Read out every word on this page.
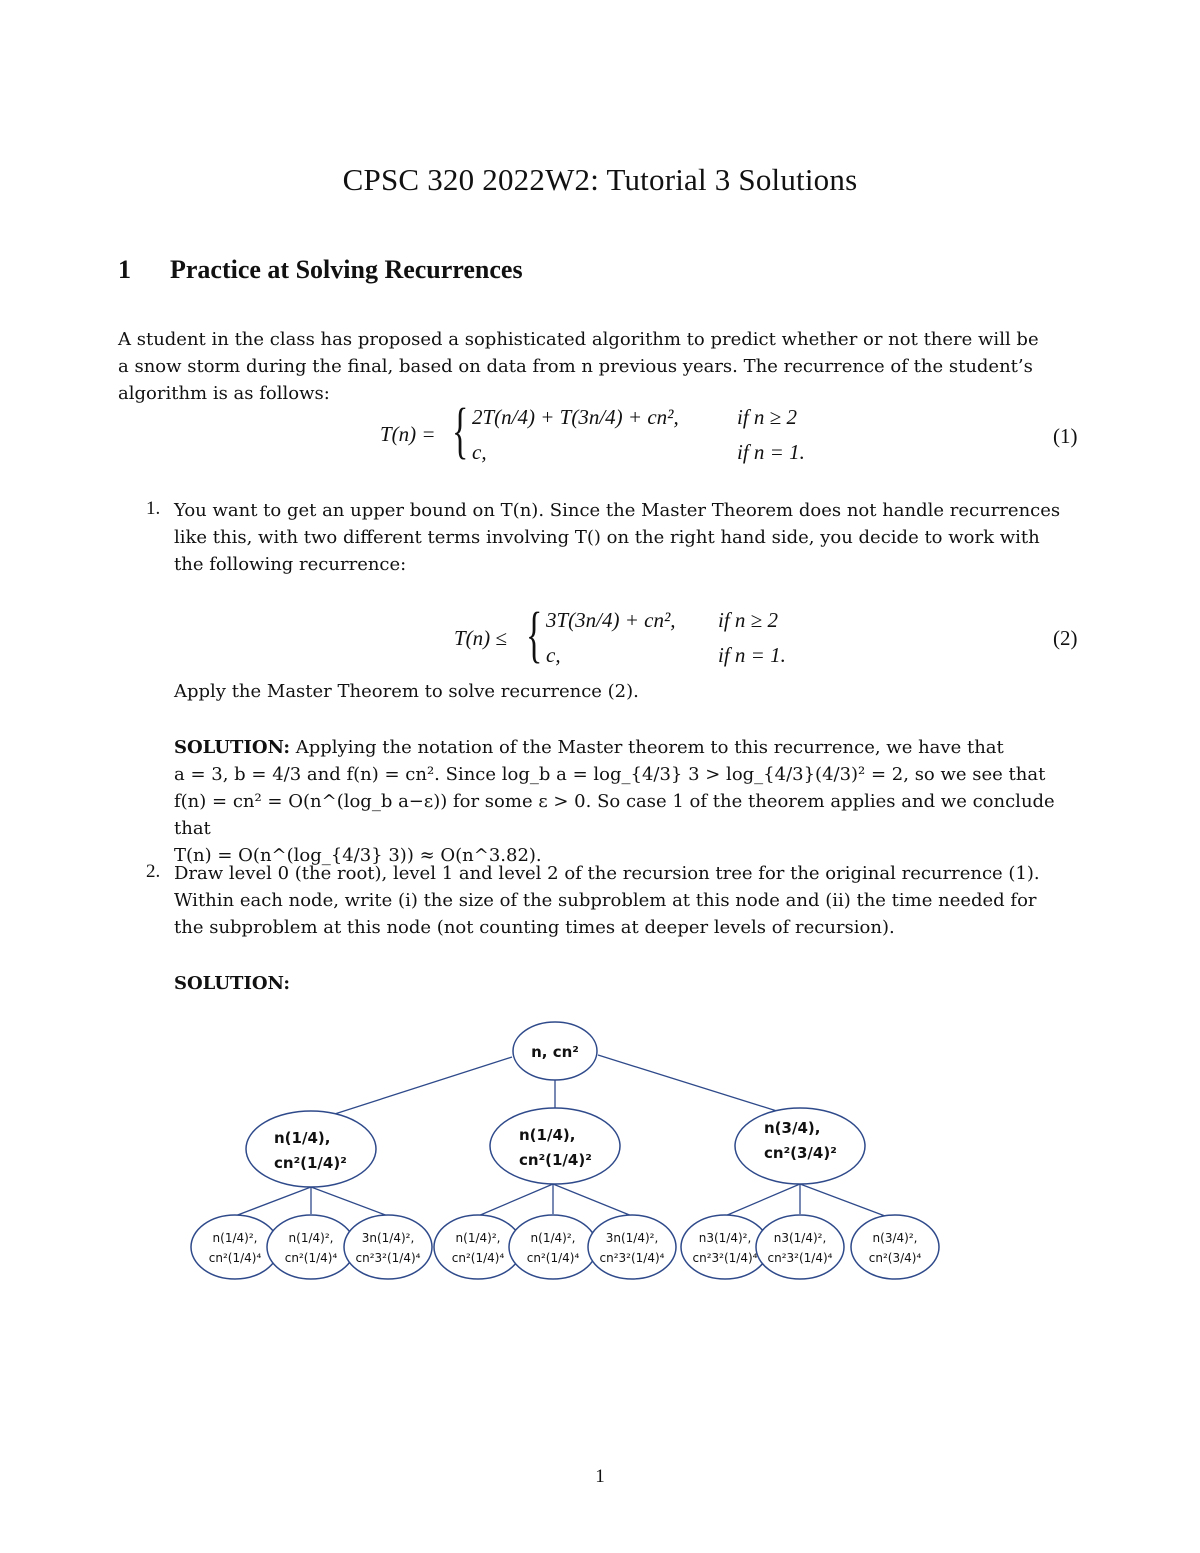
CPSC 320 2022W2: Tutorial 3 Solutions
1 Practice at Solving Recurrences
A student in the class has proposed a sophisticated algorithm to predict whether or not there will be
a snow storm during the final, based on data from n previous years. The recurrence of the student’s
algorithm is as follows:
T(n) = { 2T(n/4) + T(3n/4) + cn²,	if n ≥ 2
c,	if n = 1.
(1)
1. You want to get an upper bound on T(n). Since the Master Theorem does not handle recurrences
like this, with two different terms involving T() on the right hand side, you decide to work with
the following recurrence:
T(n) ≤ { 3T(3n/4) + cn², if n ≥ 2
c,	if n = 1.
(2)
Apply the Master Theorem to solve recurrence (2).
SOLUTION: Applying the notation of the Master theorem to this recurrence, we have that
a = 3, b = 4/3 and f(n) = cn². Since log_b a = log_{4/3} 3 > log_{4/3}(4/3)² = 2, so we see that
f(n) = cn² = O(n^(log_b a−ε)) for some ε > 0. So case 1 of the theorem applies and we conclude that
T(n) = O(n^(log_{4/3} 3)) ≈ O(n^3.82).
2. Draw level 0 (the root), level 1 and level 2 of the recursion tree for the original recurrence (1).
Within each node, write (i) the size of the subproblem at this node and (ii) the time needed for
the subproblem at this node (not counting times at deeper levels of recursion).
SOLUTION:
n, cn²
n(1/4),
cn²(1/4)²
n(1/4),
cn²(1/4)²
n(3/4),
cn²(3/4)²
n(1/4)²,
cn²(1/4)⁴
n(1/4)²,
cn²(1/4)⁴
3n(1/4)²,
cn²3²(1/4)⁴
n(1/4)²,
cn²(1/4)⁴
n(1/4)²,
cn²(1/4)⁴
3n(1/4)²,
cn²3²(1/4)⁴
n3(1/4)²,
cn²3²(1/4)⁴
n3(1/4)²,
cn²3²(1/4)⁴
n(3/4)²,
cn²(3/4)⁴
1
